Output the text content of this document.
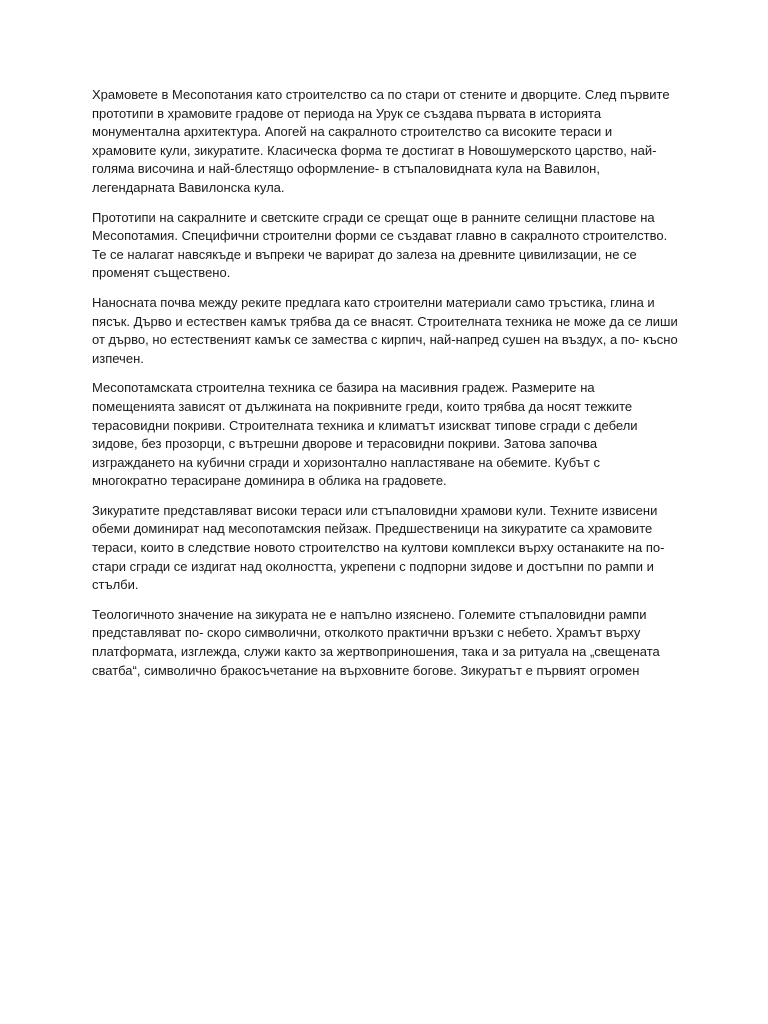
Храмовете в Месопотания като строителство са по стари от стените и дворците. След първите
прототипи в храмовите градове от периода на Урук се създава първата в историята
монументална архитектура. Апогей на сакралното строителство са високите тераси и
храмовите кули, зикуратите. Класическа форма те достигат в Новошумерското царство, най-
голяма височина и най-блестящо оформление- в стъпаловидната кула на Вавилон,
легендарната Вавилонска кула.

Прототипи на сакралните и светските сгради се срещат още в ранните селищни пластове на
Месопотамия. Специфични строителни форми се създават главно в сакралното строителство.
Те се налагат навсякъде и въпреки че варират до залеза на древните цивилизации, не се
променят съществено.

Наносната почва между реките предлага като строителни материали само тръстика, глина и
пясък. Дърво и естествен камък трябва да се внасят. Строителната техника не може да се лиши
от дърво, но естественият камък се замества с кирпич, най-напред сушен на въздух, а по- късно
изпечен.

Месопотамската строителна техника се базира на масивния градеж. Размерите на
помещенията зависят от дължината на покривните греди, които трябва да носят тежките
терасовидни покриви. Строителната техника и климатът изискват типове сгради с дебели
зидове, без прозорци, с вътрешни дворове и терасовидни покриви. Затова започва
изграждането на кубични сгради и хоризонтално напластяване на обемите. Кубът с
многократно терасиране доминира в облика на градовете.

Зикуратите представляват високи тераси или стъпаловидни храмови кули. Техните извисени
обеми доминират над месопотамския пейзаж. Предшественици на зикуратите са храмовите
тераси, които в следствие новото строителство на култови комплекси върху останаките на по-
стари сгради се издигат над околността, укрепени с подпорни зидове и достъпни по рампи и
стълби.

Теологичното значение на зикурата не е напълно изяснено. Големите стъпаловидни рампи
представляват по- скоро символични, отколкото практични връзки с небето. Храмът върху
платформата, изглежда, служи както за жертвоприношения, така и за ритуала на „свещената
сватба“, символично бракосъчетание на върховните богове. Зикуратът е първият огромен
